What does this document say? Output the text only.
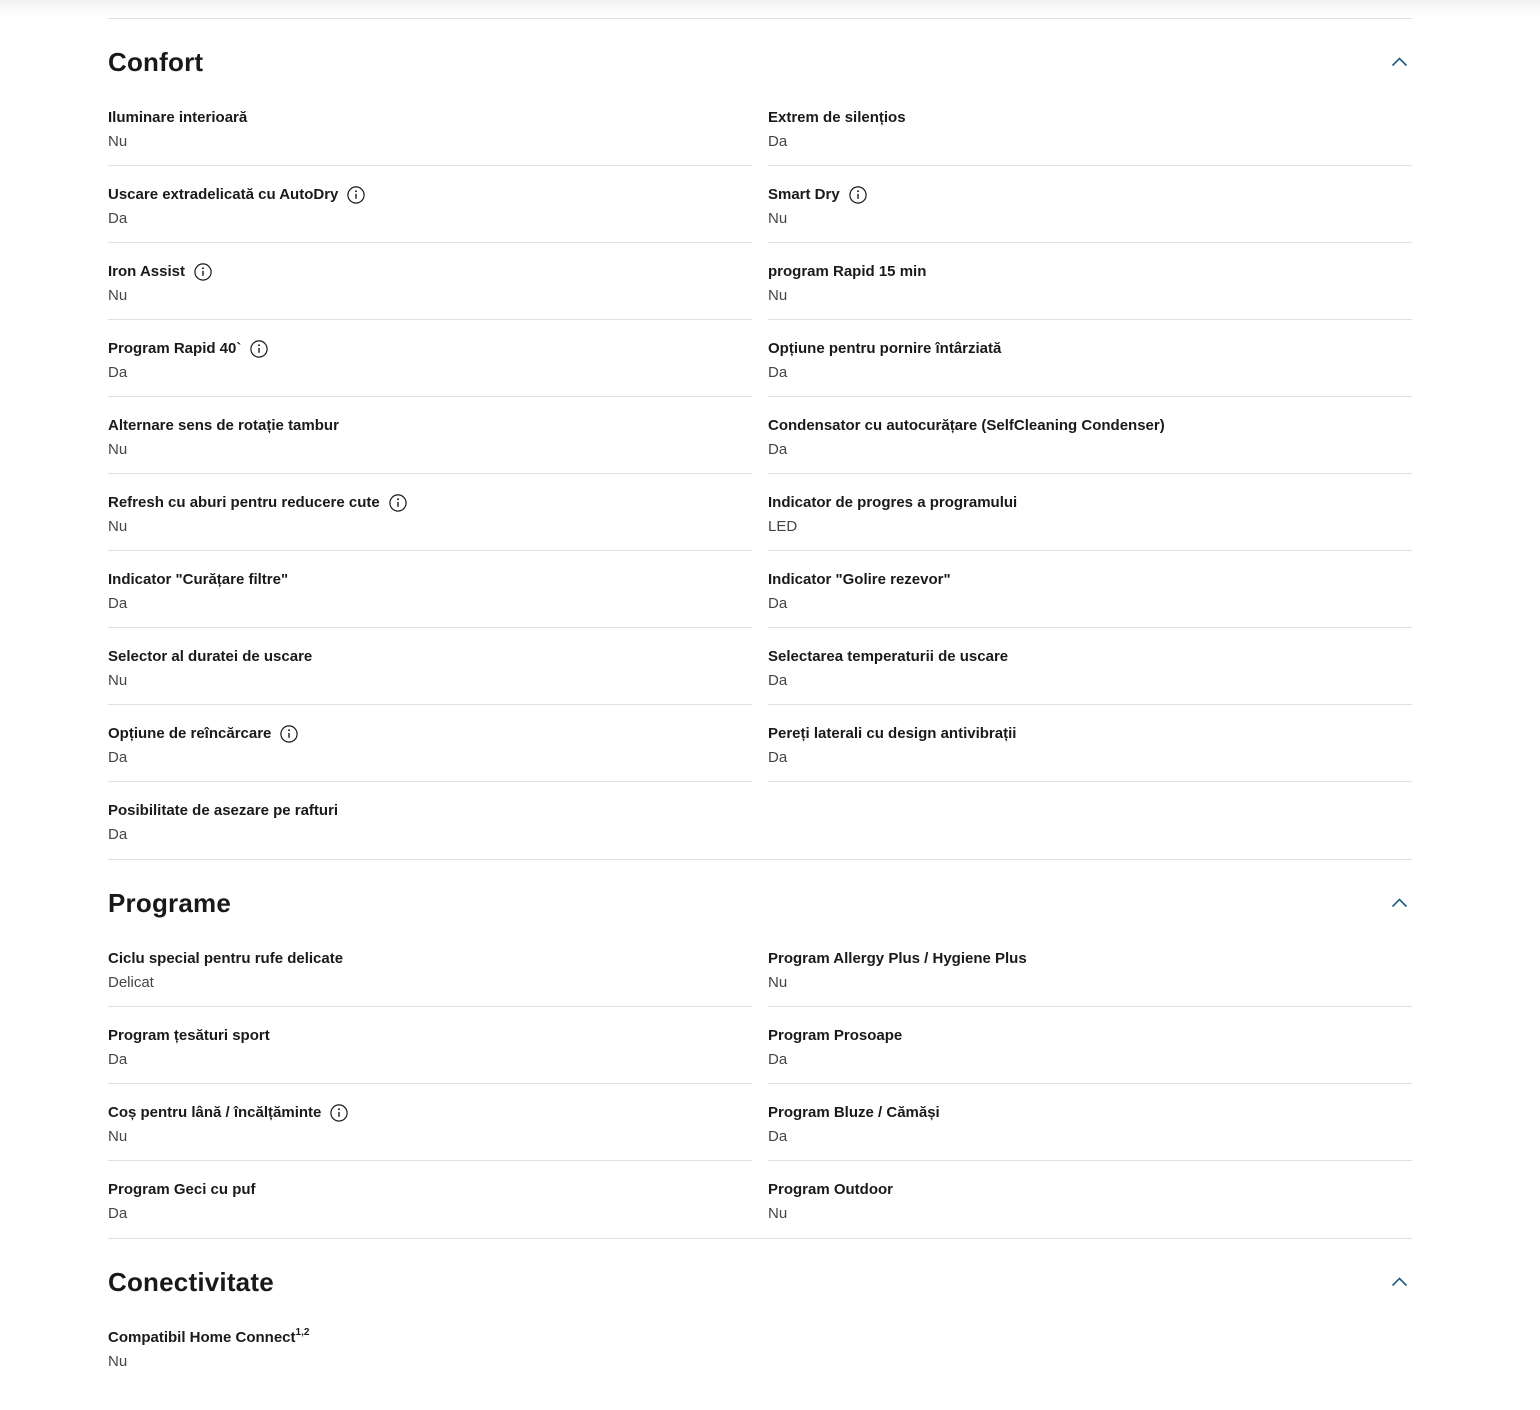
Confort
Iluminare interioară
Nu
Uscare extradelicată cu AutoDry
Da
Iron Assist
Nu
Program Rapid 40`
Da
Alternare sens de rotație tambur
Nu
Refresh cu aburi pentru reducere cute
Nu
Indicator "Curățare filtre"
Da
Selector al duratei de uscare
Nu
Opțiune de reîncărcare
Da
Posibilitate de asezare pe rafturi
Da
Extrem de silențios
Da
Smart Dry
Nu
program Rapid 15 min
Nu
Opțiune pentru pornire întârziată
Da
Condensator cu autocurățare (SelfCleaning Condenser)
Da
Indicator de progres a programului
LED
Indicator "Golire rezevor"
Da
Selectarea temperaturii de uscare
Da
Pereți laterali cu design antivibrații
Da
Programe
Ciclu special pentru rufe delicate
Delicat
Program țesături sport
Da
Coș pentru lână / încălțăminte
Nu
Program Geci cu puf
Da
Program Allergy Plus / Hygiene Plus
Nu
Program Prosoape
Da
Program Bluze / Cămăși
Da
Program Outdoor
Nu
Conectivitate
Compatibil Home Connect$^{1,2}$
Nu
